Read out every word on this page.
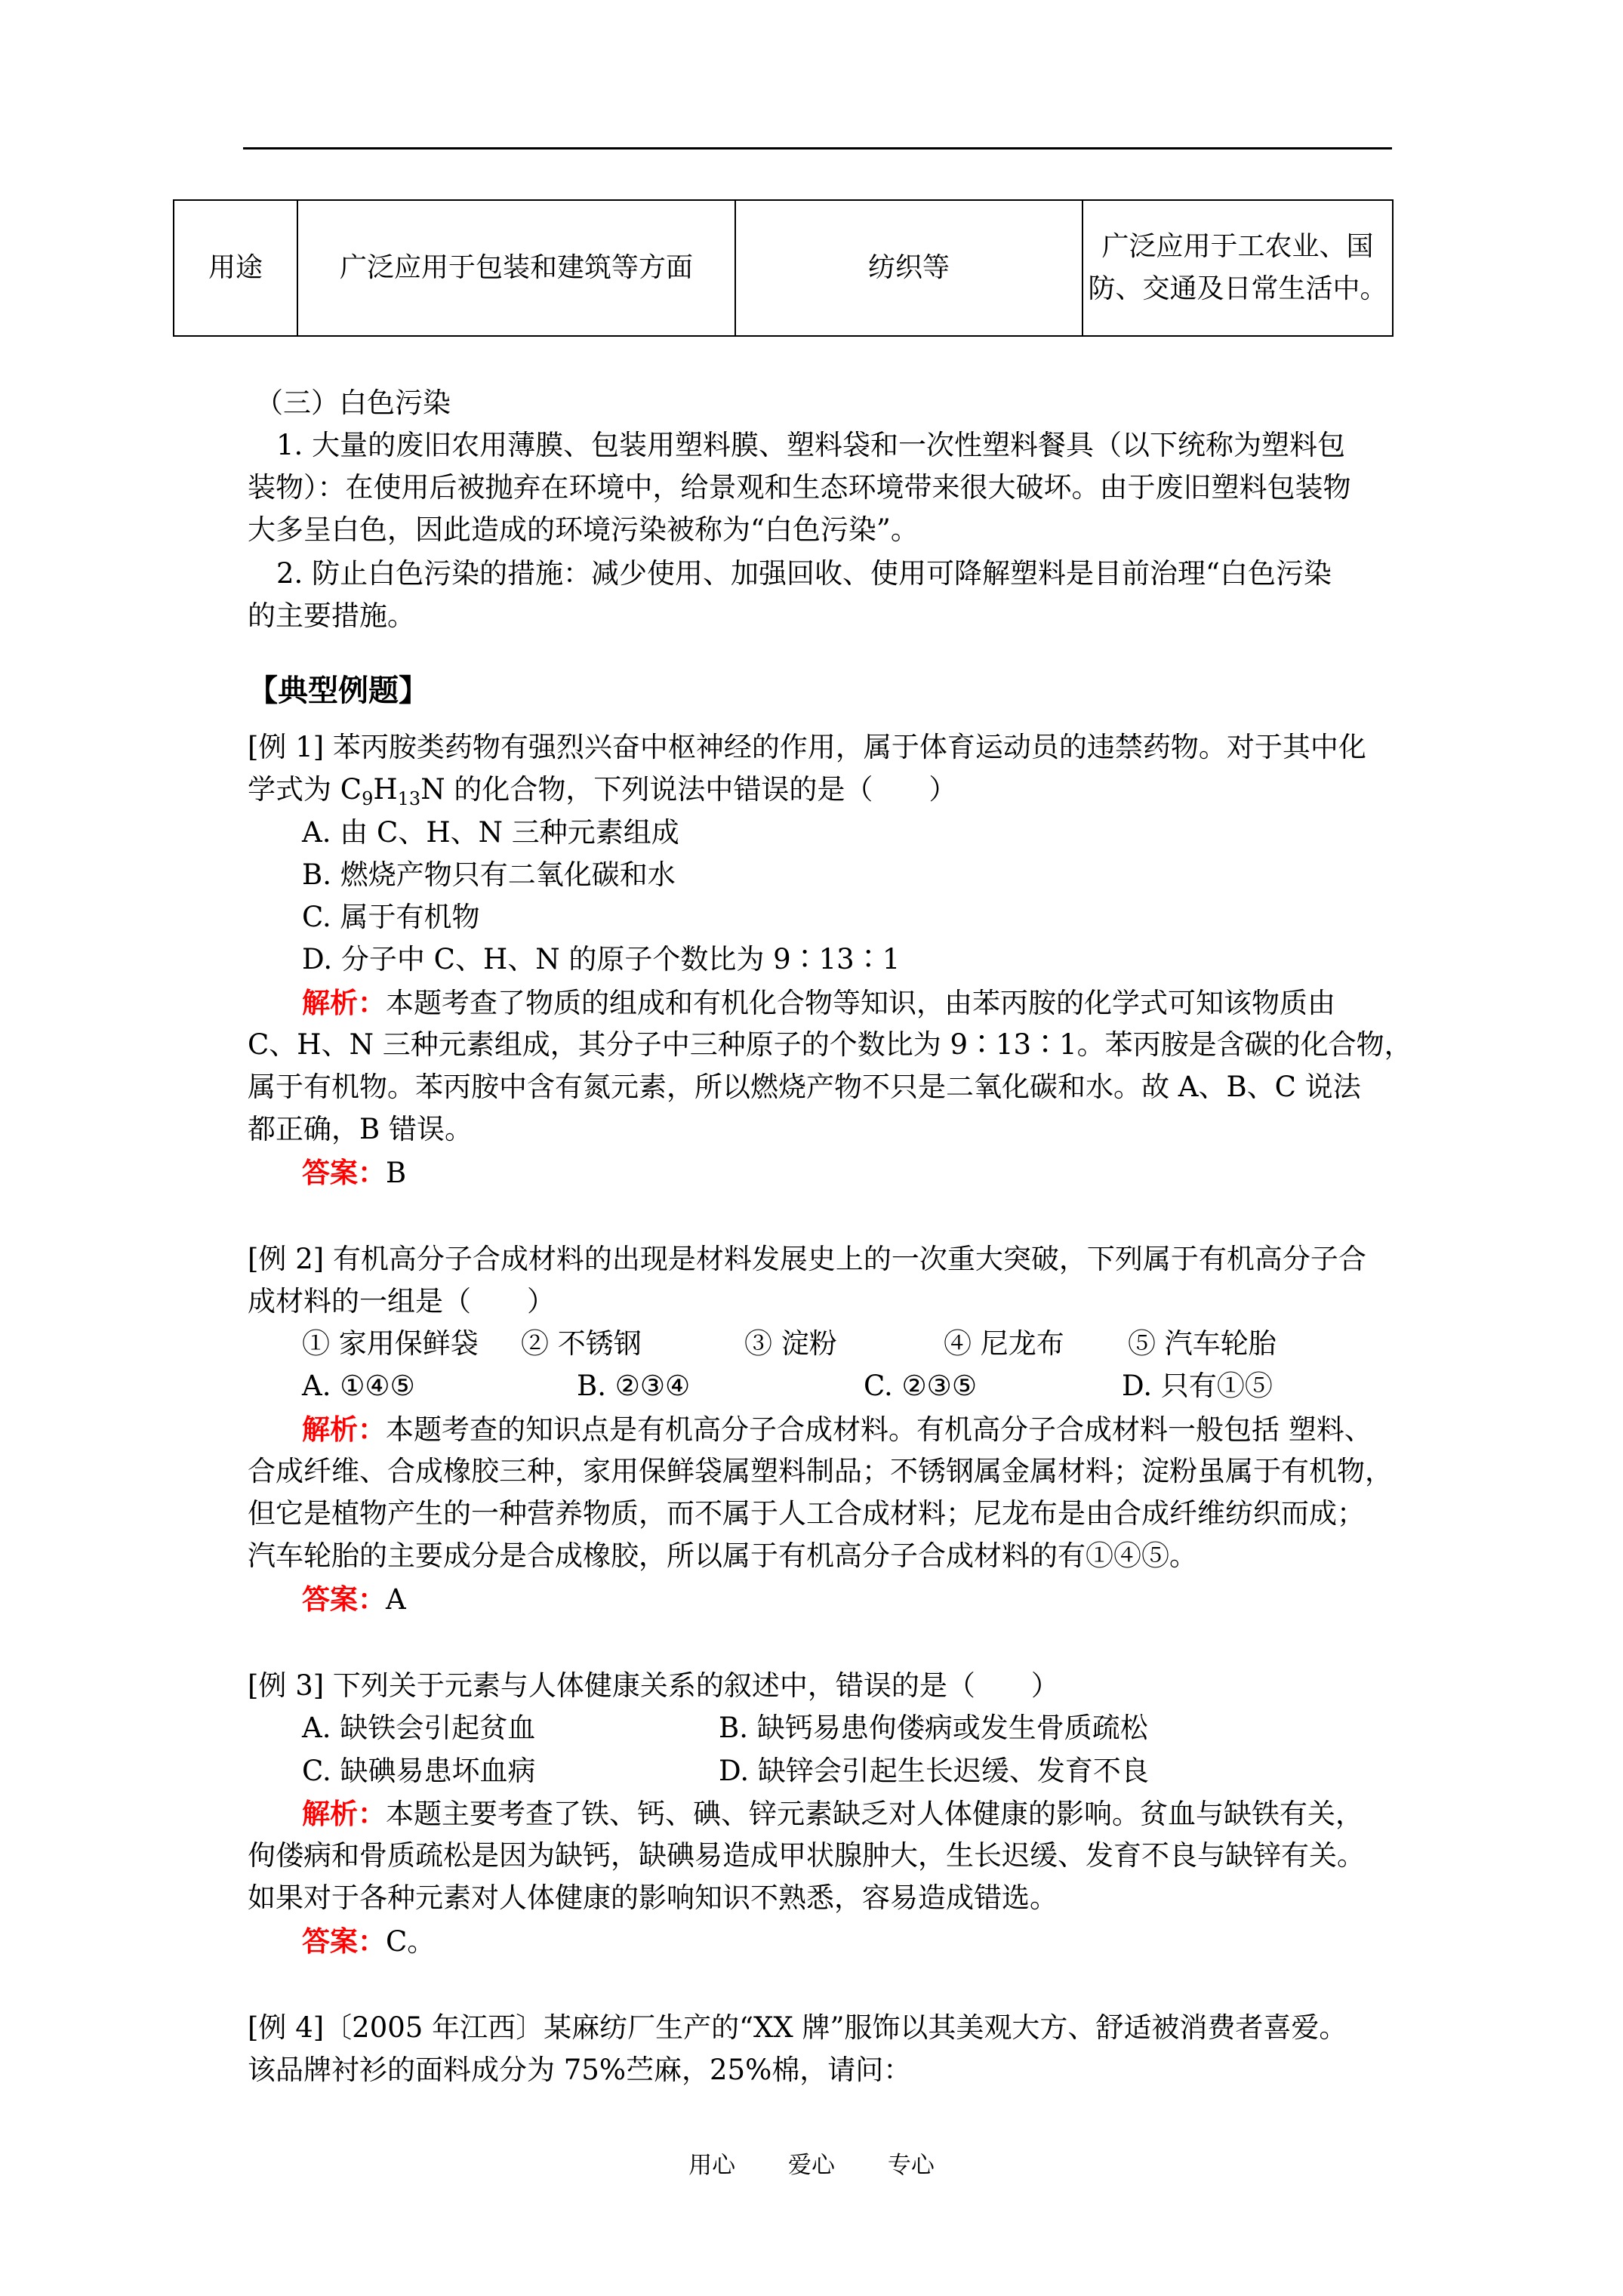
用途	广泛应用于包装和建筑等方面	纺织等	广泛应用于工农业、国防、交通及日常生活中。
（三）白色污染
1. 大量的废旧农用薄膜、包装用塑料膜、塑料袋和一次性塑料餐具（以下统称为塑料包
装物）：在使用后被抛弃在环境中，给景观和生态环境带来很大破坏。由于废旧塑料包装物
大多呈白色，因此造成的环境污染被称为“白色污染”。
2. 防止白色污染的措施：减少使用、加强回收、使用可降解塑料是目前治理“白色污染
的主要措施。
【典型例题】
[例 1] 苯丙胺类药物有强烈兴奋中枢神经的作用，属于体育运动员的违禁药物。对于其中化
学式为 $C_9H_{13}N$ 的化合物，下列说法中错误的是（　　）
A. 由 C、H、N 三种元素组成
B. 燃烧产物只有二氧化碳和水
C. 属于有机物
D. 分子中 C、H、N 的原子个数比为 9∶13∶1
解析：本题考查了物质的组成和有机化合物等知识，由苯丙胺的化学式可知该物质由
C、H、N 三种元素组成，其分子中三种原子的个数比为 9∶13∶1。苯丙胺是含碳的化合物，
属于有机物。苯丙胺中含有氮元素，所以燃烧产物不只是二氧化碳和水。故 A、B、C 说法
都正确，B 错误。
答案：B
[例 2] 有机高分子合成材料的出现是材料发展史上的一次重大突破，下列属于有机高分子合
成材料的一组是（　　）
① 家用保鲜袋 ② 不锈钢	③ 淀粉	④ 尼龙布 ⑤ 汽车轮胎
A. ①④⑤	B. ②③④	C. ②③⑤	D. 只有①⑤
解析：本题考查的知识点是有机高分子合成材料。有机高分子合成材料一般包括 塑料、
合成纤维、合成橡胶三种，家用保鲜袋属塑料制品；不锈钢属金属材料；淀粉虽属于有机物，
但它是植物产生的一种营养物质，而不属于人工合成材料；尼龙布是由合成纤维纺织而成；
汽车轮胎的主要成分是合成橡胶，所以属于有机高分子合成材料的有①④⑤。
答案：A
[例 3] 下列关于元素与人体健康关系的叙述中，错误的是（　　）
A. 缺铁会引起贫血	B. 缺钙易患佝偻病或发生骨质疏松
C. 缺碘易患坏血病	D. 缺锌会引起生长迟缓、发育不良
解析：本题主要考查了铁、钙、碘、锌元素缺乏对人体健康的影响。贫血与缺铁有关，
佝偻病和骨质疏松是因为缺钙，缺碘易造成甲状腺肿大，生长迟缓、发育不良与缺锌有关。
如果对于各种元素对人体健康的影响知识不熟悉，容易造成错选。
答案：C。
[例 4]〔2005 年江西〕某麻纺厂生产的“XX 牌”服饰以其美观大方、舒适被消费者喜爱。
该品牌衬衫的面料成分为 75%苎麻，25%棉，请问：
用心 爱心 专心
